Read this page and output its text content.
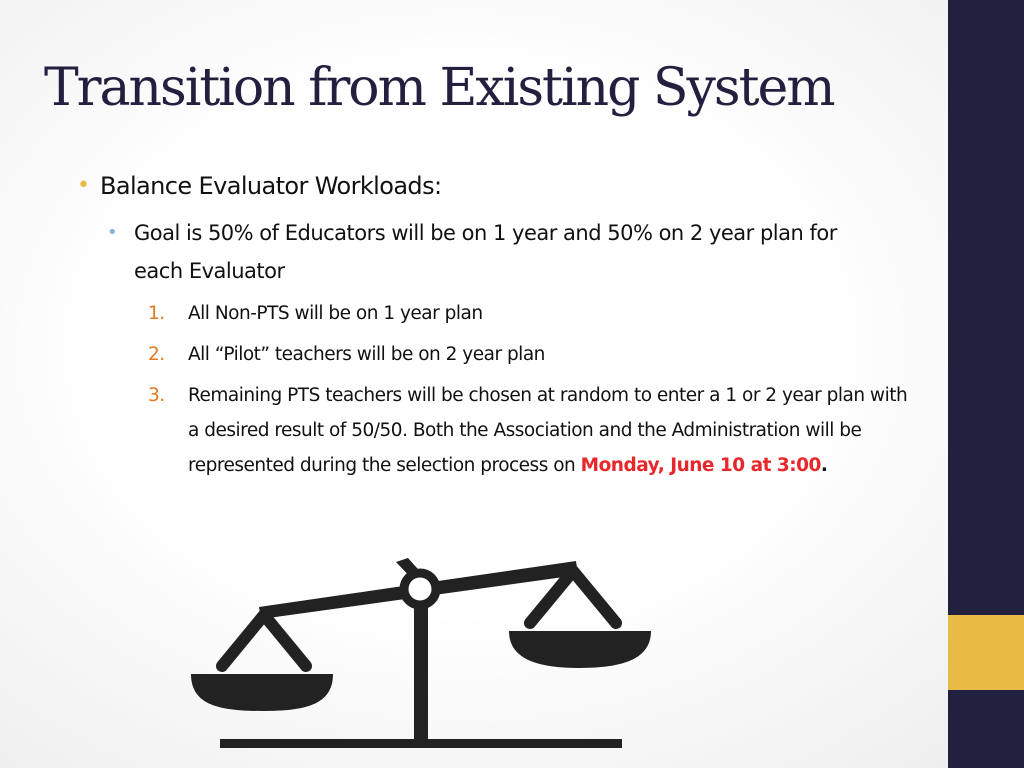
Transition from Existing System
• Balance Evaluator Workloads:
• Goal is 50% of Educators will be on 1 year and 50% on 2 year plan for each Evaluator
1. All Non-PTS will be on 1 year plan
2. All “Pilot” teachers will be on 2 year plan
3. Remaining PTS teachers will be chosen at random to enter a 1 or 2 year plan with a desired result of 50/50. Both the Association and the Administration will be represented during the selection process on Monday, June 10 at 3:00.
